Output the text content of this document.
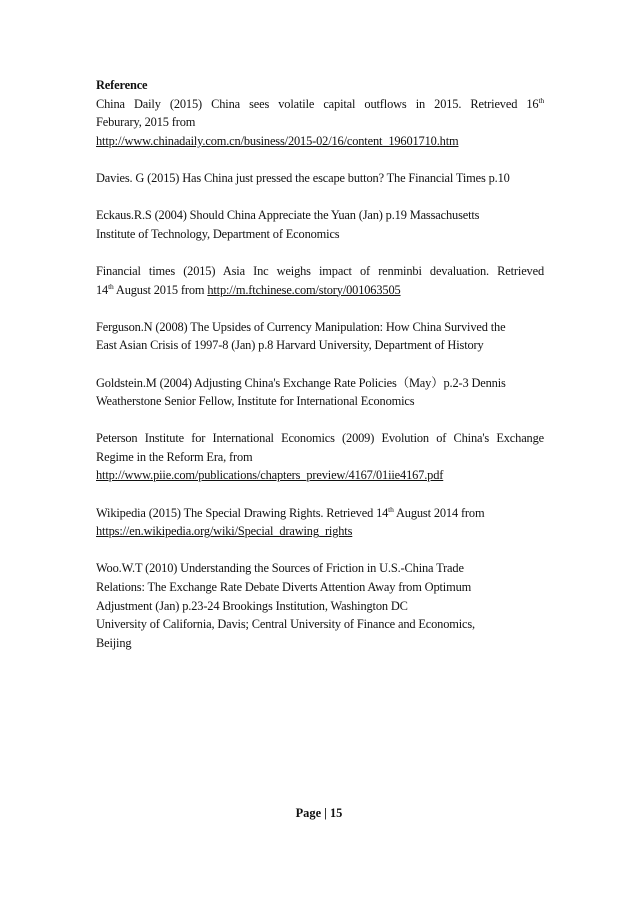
Reference

China Daily (2015) China sees volatile capital outflows in 2015. Retrieved 16th
Feburary, 2015 from
http://www.chinadaily.com.cn/business/2015-02/16/content_19601710.htm

Davies. G (2015) Has China just pressed the escape button? The Financial Times p.10

Eckaus.R.S (2004) Should China Appreciate the Yuan (Jan) p.19 Massachusetts
Institute of Technology, Department of Economics

Financial times (2015) Asia Inc weighs impact of renminbi devaluation. Retrieved
14th August 2015 from http://m.ftchinese.com/story/001063505

Ferguson.N (2008) The Upsides of Currency Manipulation: How China Survived the
East Asian Crisis of 1997-8 (Jan) p.8 Harvard University, Department of History

Goldstein.M (2004) Adjusting China's Exchange Rate Policies（May）p.2-3 Dennis
Weatherstone Senior Fellow, Institute for International Economics

Peterson Institute for International Economics (2009) Evolution of China's Exchange
Regime in the Reform Era, from
http://www.piie.com/publications/chapters_preview/4167/01iie4167.pdf

Wikipedia (2015) The Special Drawing Rights. Retrieved 14th August 2014 from
https://en.wikipedia.org/wiki/Special_drawing_rights

Woo.W.T (2010) Understanding the Sources of Friction in U.S.-China Trade
Relations: The Exchange Rate Debate Diverts Attention Away from Optimum
Adjustment (Jan) p.23-24 Brookings Institution, Washington DC
University of California, Davis; Central University of Finance and Economics,
Beijing

Page | 15
